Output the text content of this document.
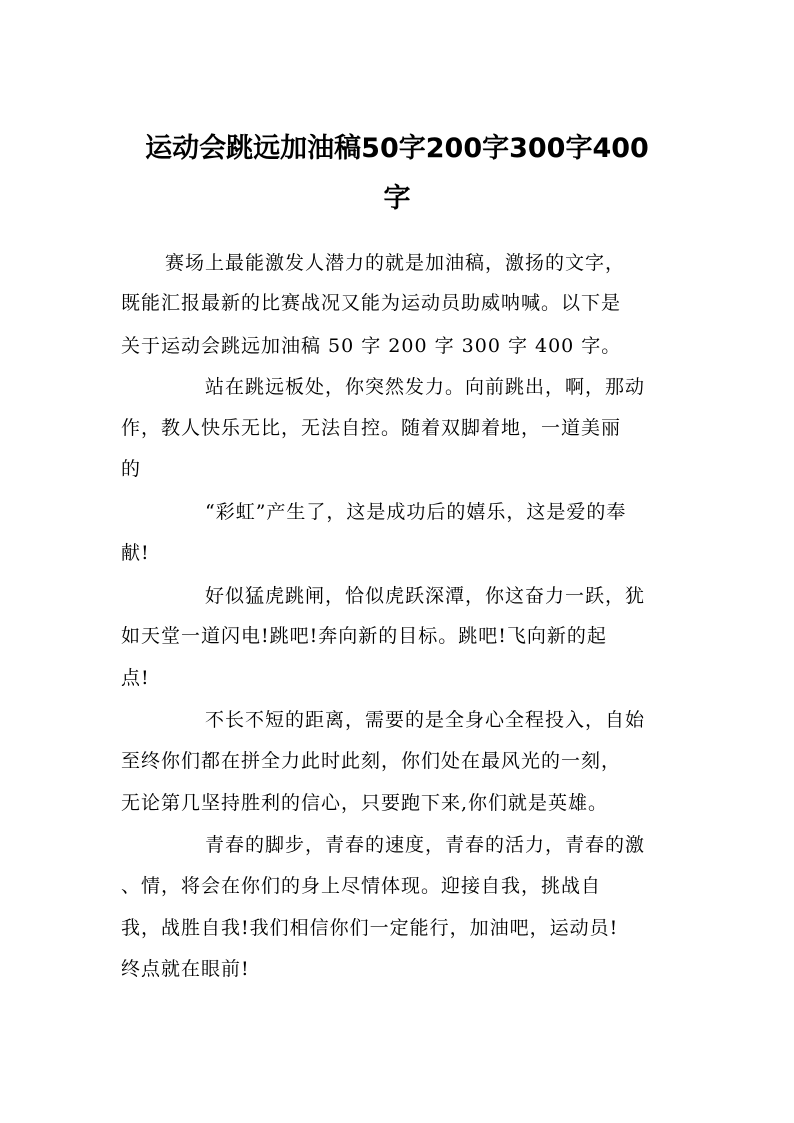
运动会跳远加油稿50字200字300字400
字
赛场上最能激发人潜力的就是加油稿，激扬的文字，
既能汇报最新的比赛战况又能为运动员助威呐喊。以下是
关于运动会跳远加油稿 50 字 200 字 300 字 400 字。
站在跳远板处，你突然发力。向前跳出，啊，那动
作，教人快乐无比，无法自控。随着双脚着地，一道美丽
的
“彩虹”产生了，这是成功后的嬉乐，这是爱的奉
献!
好似猛虎跳闸，恰似虎跃深潭，你这奋力一跃，犹
如天堂一道闪电!跳吧!奔向新的目标。跳吧!飞向新的起
点!
不长不短的距离，需要的是全身心全程投入，自始
至终你们都在拼全力此时此刻，你们处在最风光的一刻，
无论第几坚持胜利的信心，只要跑下来,你们就是英雄。
青春的脚步，青春的速度，青春的活力，青春的激
、情，将会在你们的身上尽情体现。迎接自我，挑战自
我，战胜自我!我们相信你们一定能行，加油吧，运动员!
终点就在眼前!
